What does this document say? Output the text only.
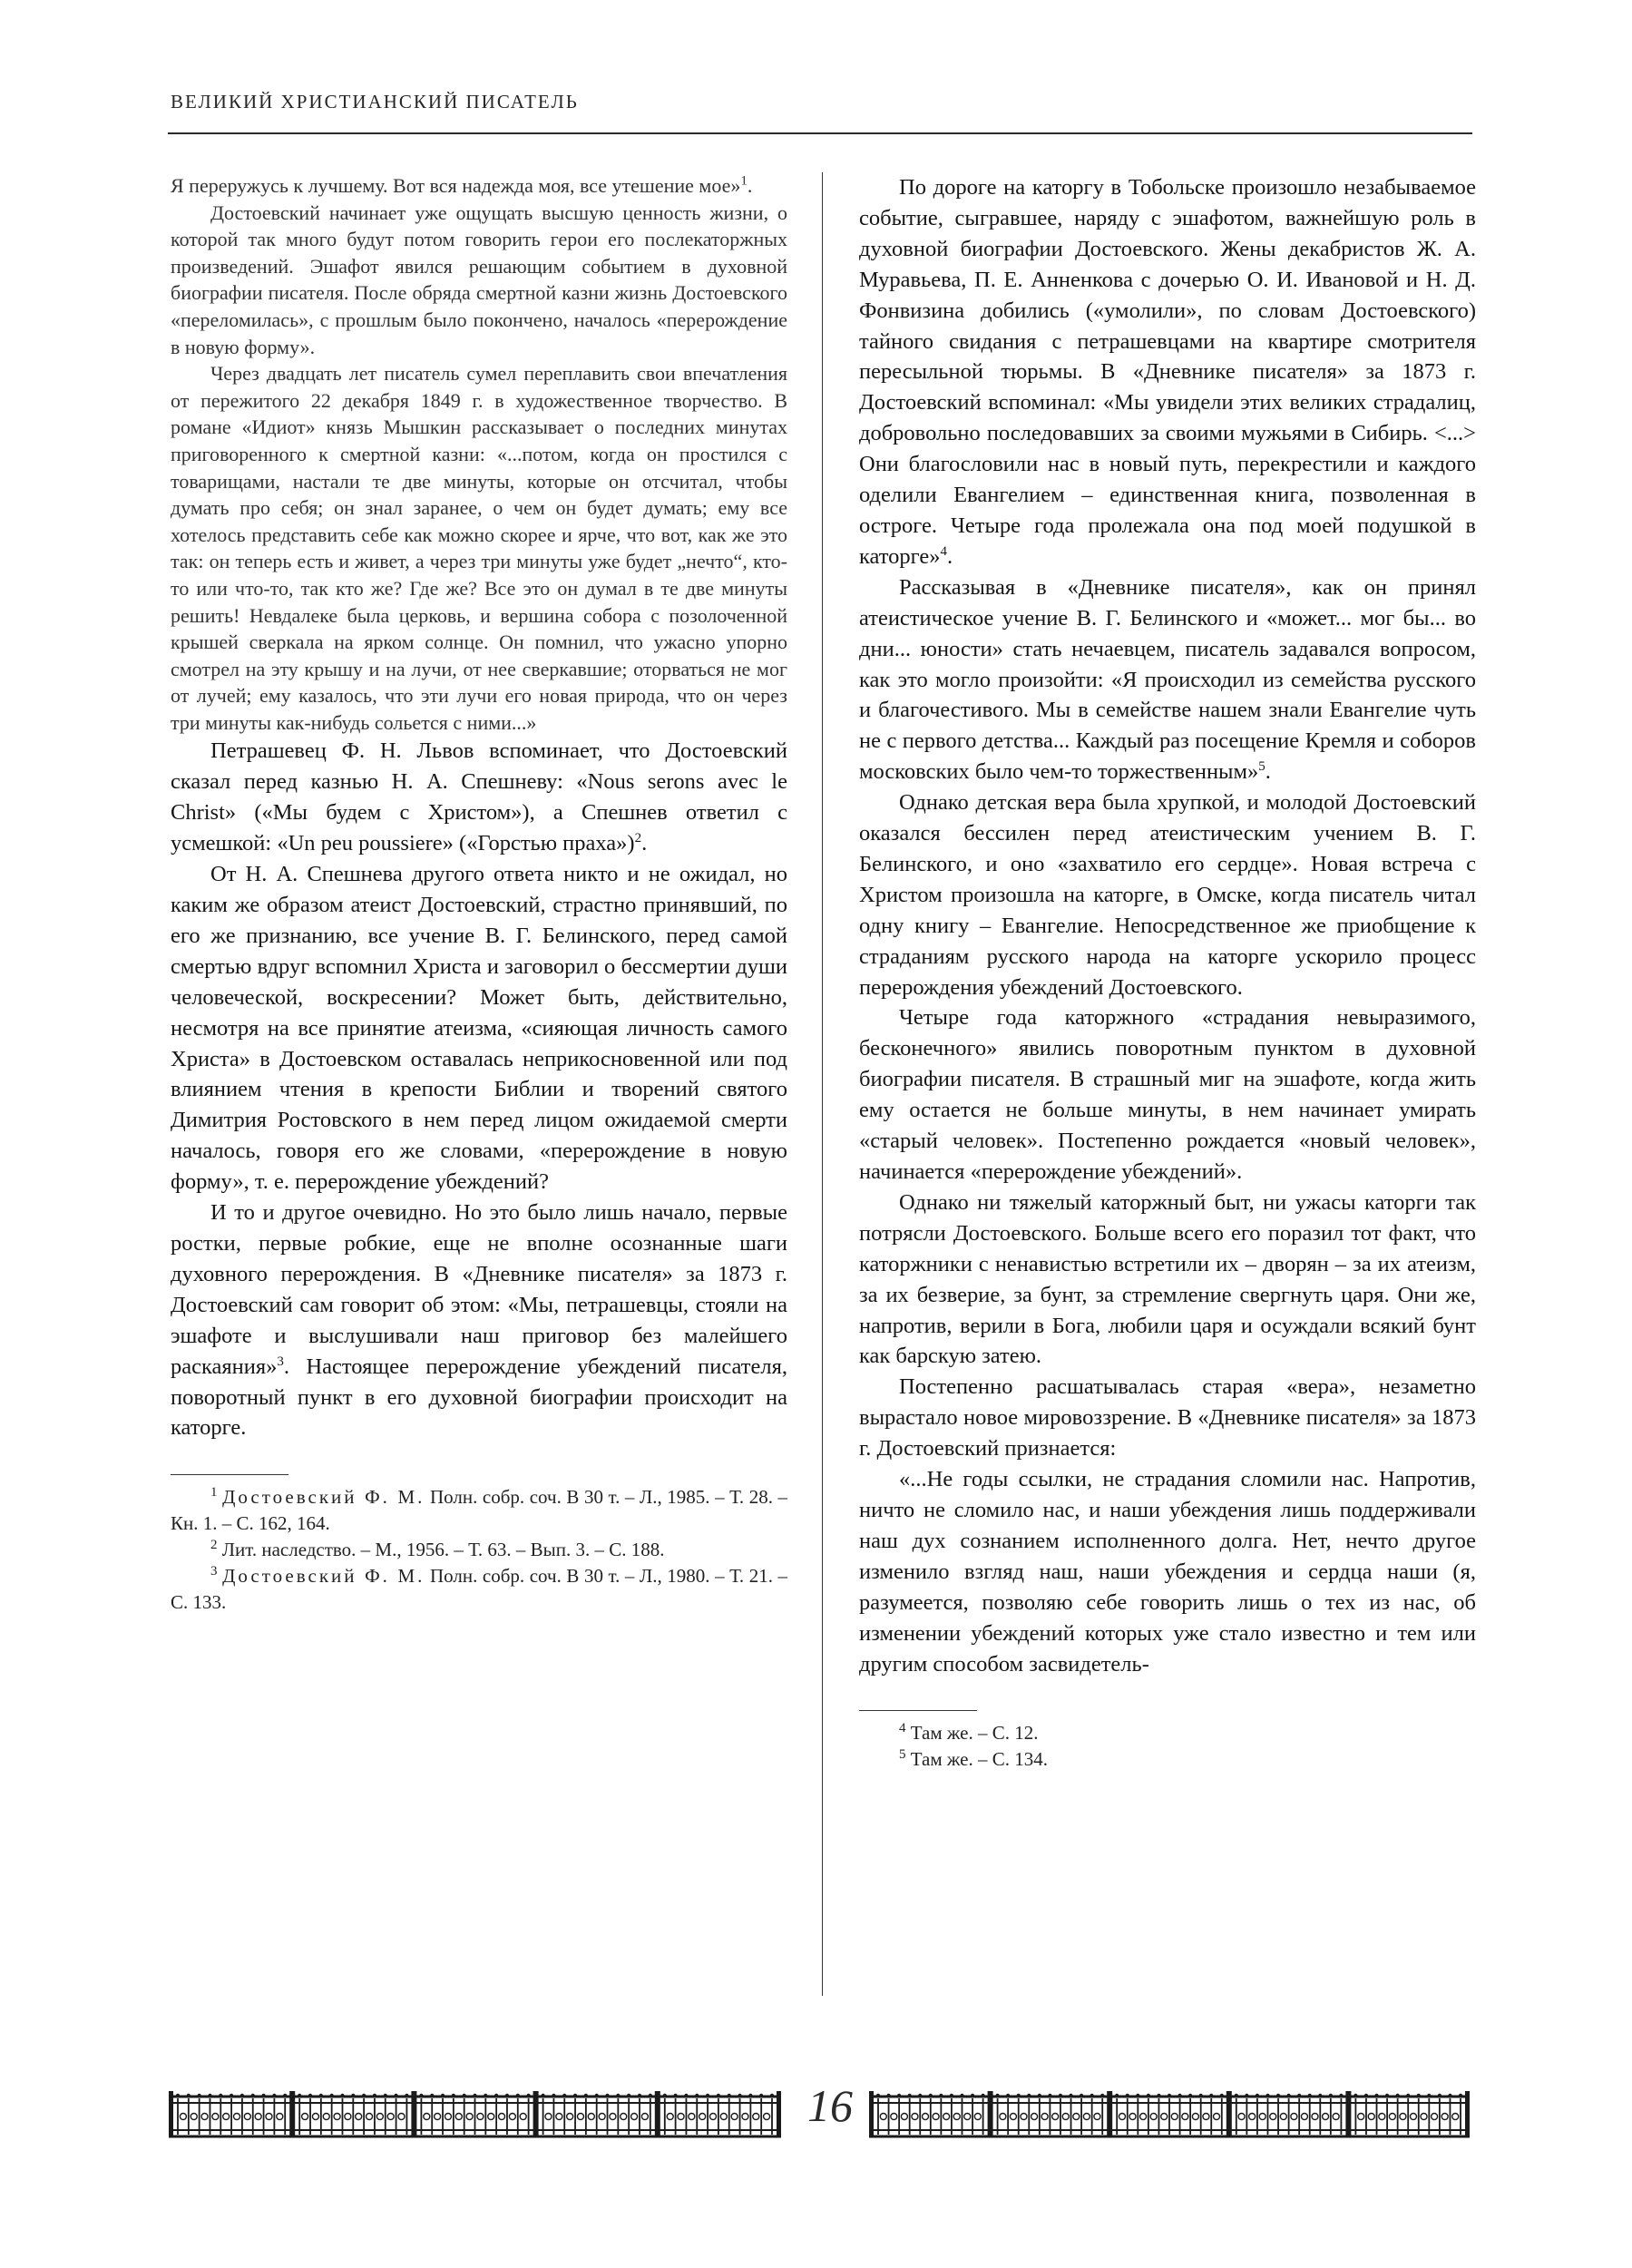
ВЕЛИКИЙ ХРИСТИАНСКИЙ ПИСАТЕЛЬ

Я переружусь к лучшему. Вот вся надежда моя, все утешение мое»$^1$.

Достоевский начинает уже ощущать высшую ценность жизни, о которой так много будут потом говорить герои его послекаторжных произведений. Эшафот явился решающим событием в духовной биографии писателя. После обряда смертной казни жизнь Достоевского «переломилась», с прошлым было покончено, началось «перерождение в новую форму».

Через двадцать лет писатель сумел переплавить свои впечатления от пережитого 22 декабря 1849 г. в художественное творчество. В романе «Идиот» князь Мышкин рассказывает о последних минутах приговоренного к смертной казни: «...потом, когда он простился с товарищами, настали те две минуты, которые он отсчитал, чтобы думать про себя; он знал заранее, о чем он будет думать; ему все хотелось представить себе как можно скорее и ярче, что вот, как же это так: он теперь есть и живет, а через три минуты уже будет „нечто“, кто-то или что-то, так кто же? Где же? Все это он думал в те две минуты решить! Невдалеке была церковь, и вершина собора с позолоченной крышей сверкала на ярком солнце. Он помнил, что ужасно упорно смотрел на эту крышу и на лучи, от нее сверкавшие; оторваться не мог от лучей; ему казалось, что эти лучи его новая природа, что он через три минуты как-нибудь сольется с ними...»

Петрашевец Ф. Н. Львов вспоминает, что Достоевский сказал перед казнью Н. А. Спешневу: «Nous serons avec le Christ» («Мы будем с Христом»), а Спешнев ответил с усмешкой: «Un peu poussiere» («Горстью праха»)$^2$.

От Н. А. Спешнева другого ответа никто и не ожидал, но каким же образом атеист Достоевский, страстно принявший, по его же признанию, все учение В. Г. Белинского, перед самой смертью вдруг вспомнил Христа и заговорил о бессмертии души человеческой, воскресении? Может быть, действительно, несмотря на все принятие атеизма, «сияющая личность самого Христа» в Достоевском оставалась неприкосновенной или под влиянием чтения в крепости Библии и творений святого Димитрия Ростовского в нем перед лицом ожидаемой смерти началось, говоря его же словами, «перерождение в новую форму», т. е. перерождение убеждений?

И то и другое очевидно. Но это было лишь начало, первые ростки, первые робкие, еще не вполне осознанные шаги духовного перерождения. В «Дневнике писателя» за 1873 г. Достоевский сам говорит об этом: «Мы, петрашевцы, стояли на эшафоте и выслушивали наш приговор без малейшего раскаяния»$^3$. Настоящее перерождение убеждений писателя, поворотный пункт в его духовной биографии происходит на каторге.

$^1$ Достоевский Ф. М. Полн. собр. соч. В 30 т. – Л., 1985. – Т. 28. – Кн. 1. – С. 162, 164.

$^2$ Лит. наследство. – М., 1956. – Т. 63. – Вып. 3. – С. 188.

$^3$ Достоевский Ф. М. Полн. собр. соч. В 30 т. – Л., 1980. – Т. 21. – С. 133.

По дороге на каторгу в Тобольске произошло незабываемое событие, сыгравшее, наряду с эшафотом, важнейшую роль в духовной биографии Достоевского. Жены декабристов Ж. А. Муравьева, П. Е. Анненкова с дочерью О. И. Ивановой и Н. Д. Фонвизина добились («умолили», по словам Достоевского) тайного свидания с петрашевцами на квартире смотрителя пересыльной тюрьмы. В «Дневнике писателя» за 1873 г. Достоевский вспоминал: «Мы увидели этих великих страдалиц, добровольно последовавших за своими мужьями в Сибирь. <...> Они благословили нас в новый путь, перекрестили и каждого оделили Евангелием – единственная книга, позволенная в остроге. Четыре года пролежала она под моей подушкой в каторге»$^4$.

Рассказывая в «Дневнике писателя», как он принял атеистическое учение В. Г. Белинского и «может... мог бы... во дни... юности» стать нечаевцем, писатель задавался вопросом, как это могло произойти: «Я происходил из семейства русского и благочестивого. Мы в семействе нашем знали Евангелие чуть не с первого детства... Каждый раз посещение Кремля и соборов московских было чем-то торжественным»$^5$.

Однако детская вера была хрупкой, и молодой Достоевский оказался бессилен перед атеистическим учением В. Г. Белинского, и оно «захватило его сердце». Новая встреча с Христом произошла на каторге, в Омске, когда писатель читал одну книгу – Евангелие. Непосредственное же приобщение к страданиям русского народа на каторге ускорило процесс перерождения убеждений Достоевского.

Четыре года каторжного «страдания невыразимого, бесконечного» явились поворотным пунктом в духовной биографии писателя. В страшный миг на эшафоте, когда жить ему остается не больше минуты, в нем начинает умирать «старый человек». Постепенно рождается «новый человек», начинается «перерождение убеждений».

Однако ни тяжелый каторжный быт, ни ужасы каторги так потрясли Достоевского. Больше всего его поразил тот факт, что каторжники с ненавистью встретили их – дворян – за их атеизм, за их безверие, за бунт, за стремление свергнуть царя. Они же, напротив, верили в Бога, любили царя и осуждали всякий бунт как барскую затею.

Постепенно расшатывалась старая «вера», незаметно вырастало новое мировоззрение. В «Дневнике писателя» за 1873 г. Достоевский признается:

«...Не годы ссылки, не страдания сломили нас. Напротив, ничто не сломило нас, и наши убеждения лишь поддерживали наш дух сознанием исполненного долга. Нет, нечто другое изменило взгляд наш, наши убеждения и сердца наши (я, разумеется, позволяю себе говорить лишь о тех из нас, об изменении убеждений которых уже стало известно и тем или другим способом засвидетель-

$^4$ Там же. – С. 12.

$^5$ Там же. – С. 134.

16
